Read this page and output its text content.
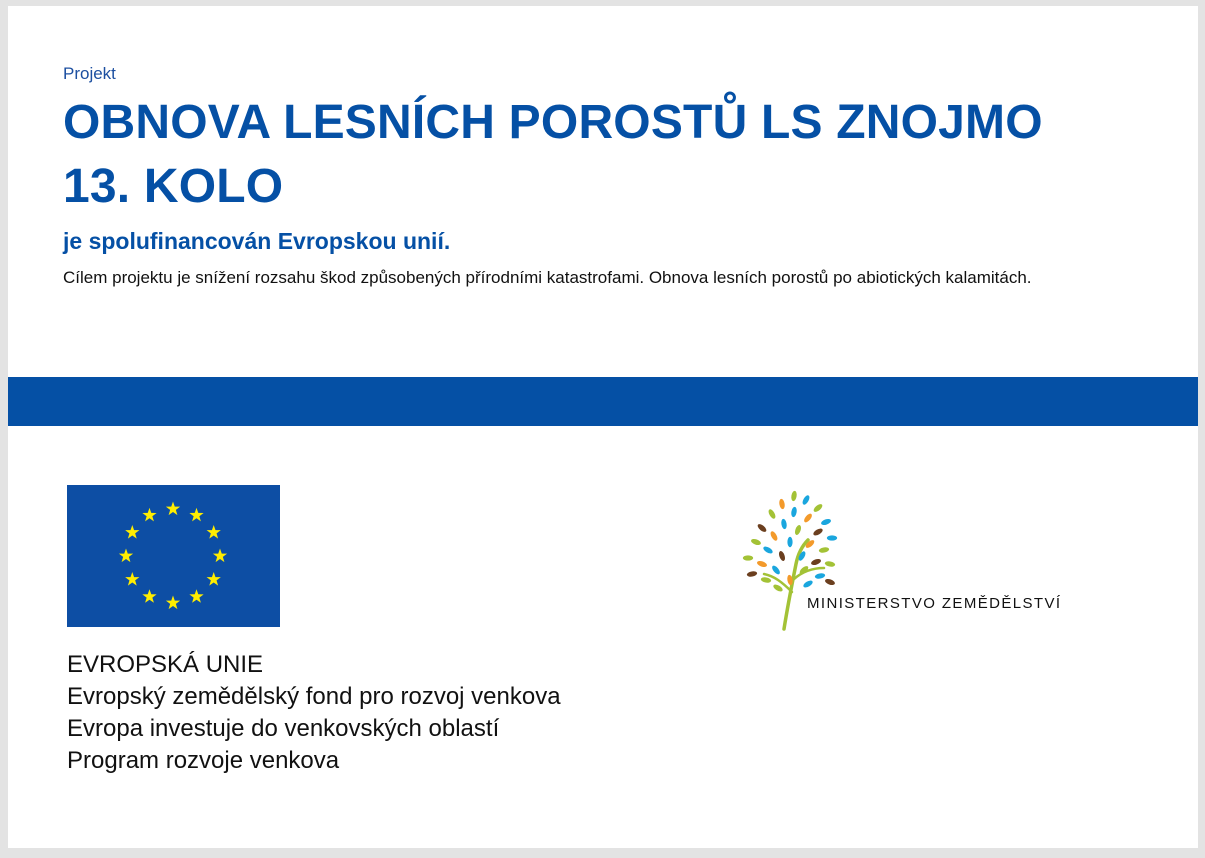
Projekt
OBNOVA LESNÍCH POROSTŮ LS ZNOJMO
13. KOLO
je spolufinancován Evropskou unií.
Cílem projektu je snížení rozsahu škod způsobených přírodními katastrofami. Obnova lesních porostů po abiotických kalamitách.
EVROPSKÁ UNIE
Evropský zemědělský fond pro rozvoj venkova
Evropa investuje do venkovských oblastí
Program rozvoje venkova
MINISTERSTVO ZEMĚDĚLSTVÍ
